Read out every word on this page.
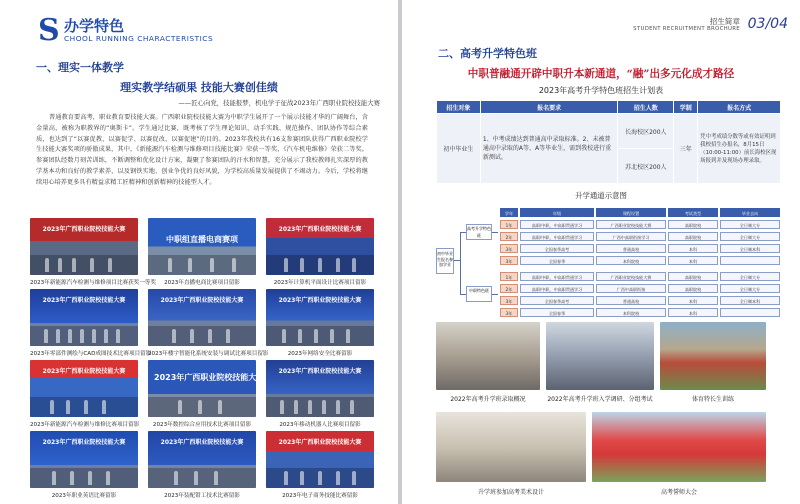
S 办学特色
CHOOL RUNNING CHARACTERISTICS
一、理实一体教学
理实教学结硕果 技能大赛创佳绩
——匠心向党，技能报梦，机电学子征战2023年广西职业院校技能大赛
普通教育要高考，职业教育要技能大赛。广西职业院校技能大赛为中职学生展开了一个展示技能才华的广阔舞台，含金量高，被称为职教界的“奥斯卡”。学生通过比赛，既考核了学生理论知识、动手实践、规范操作、团队协作等综合素质，也达到了“以赛促教、以赛促学、以赛促改、以赛促建”的目的。2023年我校共有16支参赛团队获得广西职业院校学生技能大赛奖项的骄傲成果，其中，《新能源汽车检测与维修项目技能比赛》荣获一等奖、《汽车机电维修》荣获二等奖。参赛团队经数月刻苦训练，不断调整和优化设计方案，凝聚了参赛团队的汗水和智慧，充分展示了我校教师扎实深厚的教学基本功和良好的教学素养，以及钢铁实地、创业争优的良好风貌，为学校高质量发展提供了不竭动力。今后，学校将继续用心培养更多具有精益求精工匠精神和创新精神的技能型人才。
2023年广西职业院校技能大赛
2023年新能源汽车检测与维修项目比赛获奖一等奖
中职组直播电商赛项
2023年直播电商比赛项目留影
2023年广西职业院校技能大赛
2023年计算机平面设计比赛项目留影
2023年广西职业院校技能大赛
2023年零部件测绘与CAD成图技术比赛项目留影
2023年广西职业院校技能大赛
2023年楼宇智能化系统安装与调试比赛项目留影
2023年广西职业院校技能大赛
2023年网络安全比赛留影
2023年广西职业院校技能大赛
2023年新能源汽车检测与维修比赛项目留影
2023年广西职业院校技能大赛
2023年数控综合应用技术比赛项目留影
2023年广西职业院校技能大赛
2023年移动机器人比赛项目留影
2023年广西职业院校技能大赛
2023年职业英语比赛留影
2023年广西职业院校技能大赛
2023年装配钳工技术比赛留影
2023年广西职业院校技能大赛
2023年电子商务技能比赛留影
招生简章
STUDENT RECRUITMENT BROCHURE 03/04
二、高考升学特色班
中职普融通开辟中职升本新通道，“融”出多元化成才路径
2023年高考升学特色班招生计划表
招生对象	报名要求	招生人数	学制	报名方式
初中毕业生	1、中考成绩达到普通高中录取标准。2、未被普通高中录取的A等、A等毕业生，需到我校进行重新测试。	长海校区200人	三年	凭中考成绩分数等或有效证明到我校招生办报名，8月15日（10:00-11:00）前长海校区现场报到并及现场办理录取。
		苏北校区200人		
升学通道示意图
初中毕业生报名参加学业
高考升学特色班
中职特色班
学年	年级	课程设置	考试类型	毕业去向
1年	高职/中职，中高职贯通学习	广西职业院校技能大赛	高职院校	全日制大专
2年	高职/中职，中高职贯通学习	广西中高职衔接学习	高职院校	全日制大专
3年	全国春季高考	普通高校	本科	全日制本科
3年	全国春季	本科院校	本科
1年	高职/中职，中高职贯通学习	广西职业院校技能大赛	高职院校	全日制大专
2年	高职/中职，中高职贯通学习	广西中高职衔接	高职院校	全日制大专
3年	全国春季高考	普通高校	本科	全日制本科
3年	全国春季	本科院校	本科
2022年高考升学班录取概况	2022年高考升学班入学调研、分组考试	体育特长生训练
升学班参加高考美术设计	高考誓师大会
